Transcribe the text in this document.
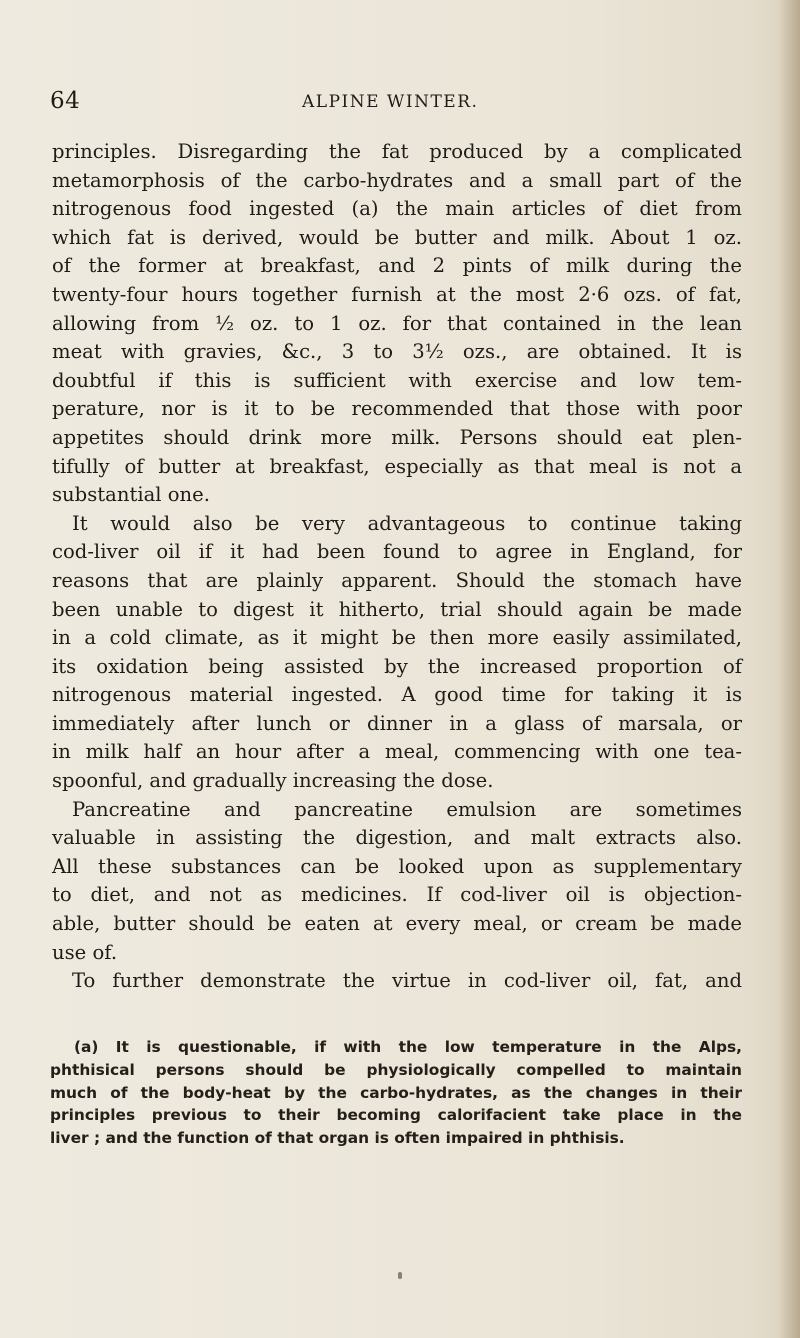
64	ALPINE WINTER.
principles. Disregarding the fat produced by a complicated
metamorphosis of the carbo-hydrates and a small part of the
nitrogenous food ingested (a) the main articles of diet from
which fat is derived, would be butter and milk. About 1 oz.
of the former at breakfast, and 2 pints of milk during the
twenty-four hours together furnish at the most 2·6 ozs. of fat,
allowing from ½ oz. to 1 oz. for that contained in the lean
meat with gravies, &c., 3 to 3½ ozs., are obtained. It is
doubtful if this is sufficient with exercise and low tem-
perature, nor is it to be recommended that those with poor
appetites should drink more milk. Persons should eat plen-
tifully of butter at breakfast, especially as that meal is not a
substantial one.
It would also be very advantageous to continue taking
cod-liver oil if it had been found to agree in England, for
reasons that are plainly apparent. Should the stomach have
been unable to digest it hitherto, trial should again be made
in a cold climate, as it might be then more easily assimilated,
its oxidation being assisted by the increased proportion of
nitrogenous material ingested. A good time for taking it is
immediately after lunch or dinner in a glass of marsala, or
in milk half an hour after a meal, commencing with one tea-
spoonful, and gradually increasing the dose.
Pancreatine and pancreatine emulsion are sometimes
valuable in assisting the digestion, and malt extracts also.
All these substances can be looked upon as supplementary
to diet, and not as medicines. If cod-liver oil is objection-
able, butter should be eaten at every meal, or cream be made
use of.
To further demonstrate the virtue in cod-liver oil, fat, and
(a) It is questionable, if with the low temperature in the Alps,
phthisical persons should be physiologically compelled to maintain
much of the body-heat by the carbo-hydrates, as the changes in their
principles previous to their becoming calorifacient take place in the
liver ; and the function of that organ is often impaired in phthisis.
